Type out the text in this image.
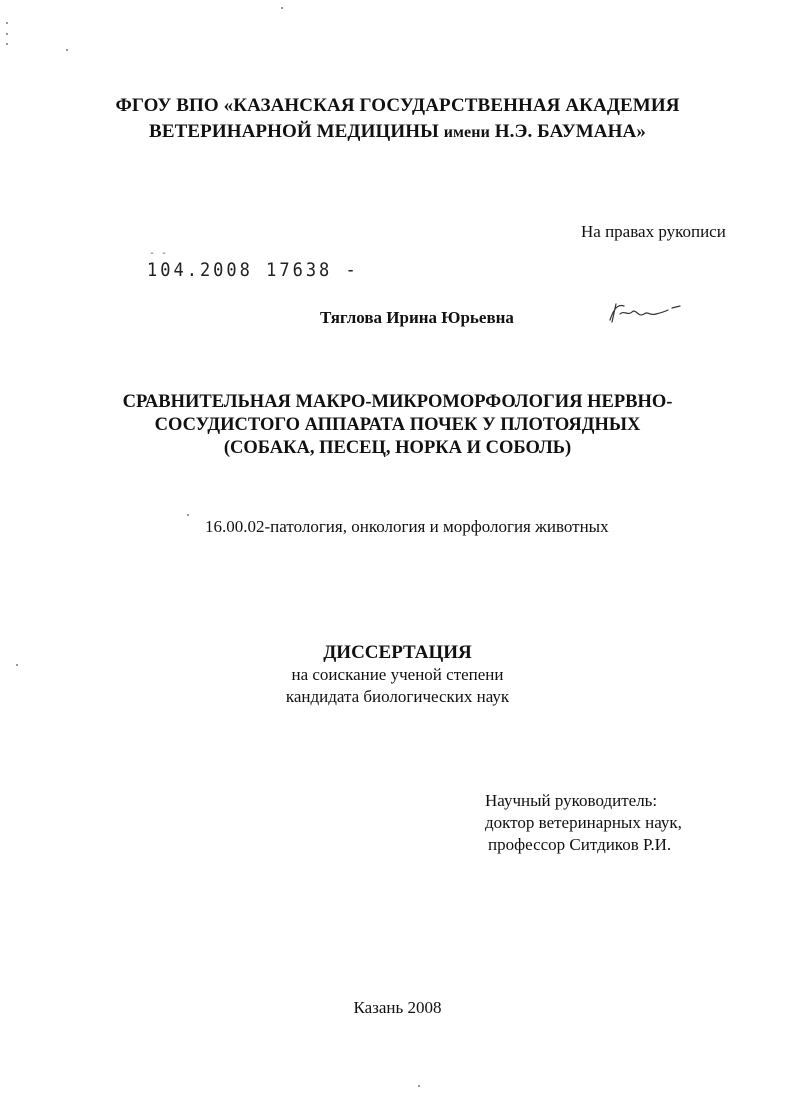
ФГОУ ВПО «КАЗАНСКАЯ ГОСУДАРСТВЕННАЯ АКАДЕМИЯ
ВЕТЕРИНАРНОЙ МЕДИЦИНЫ имени Н.Э. БАУМАНА»
На правах рукописи
- -
104.2008 17638 -
Тяглова Ирина Юрьевна
СРАВНИТЕЛЬНАЯ МАКРО-МИКРОМОРФОЛОГИЯ НЕРВНО-
СОСУДИСТОГО АППАРАТА ПОЧЕК У ПЛОТОЯДНЫХ
(СОБАКА, ПЕСЕЦ, НОРКА И СОБОЛЬ)
16.00.02-патология, онкология и морфология животных
ДИССЕРТАЦИЯ
на соискание ученой степени
кандидата биологических наук
Научный руководитель:
доктор ветеринарных наук,
профессор Ситдиков Р.И.
Казань 2008
